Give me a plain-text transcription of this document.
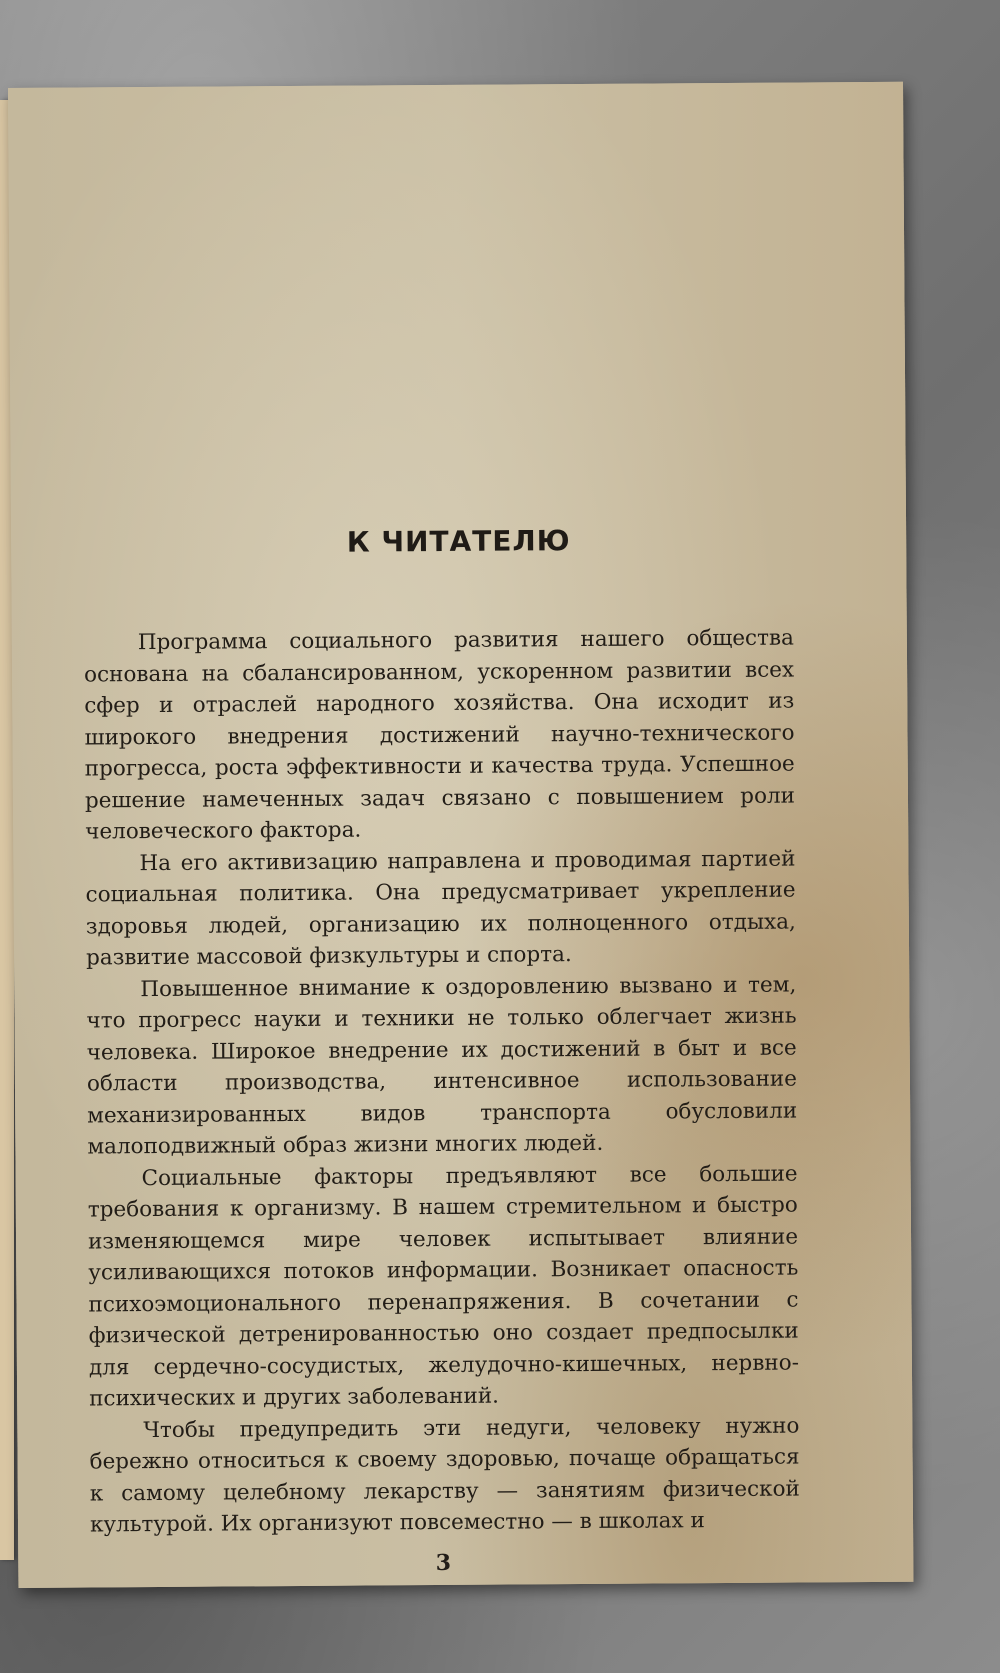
К ЧИТАТЕЛЮ

Программа социального развития нашего общества основана на сбалансированном, ускоренном развитии всех сфер и отраслей народного хозяйства. Она исходит из широкого внедрения достижений научно-технического прогресса, роста эффективности и качества труда. Успешное решение намеченных задач связано с повышением роли человеческого фактора.

На его активизацию направлена и проводимая партией социальная политика. Она предусматривает укрепление здоровья людей, организацию их полноценного отдыха, развитие массовой физкультуры и спорта.

Повышенное внимание к оздоровлению вызвано и тем, что прогресс науки и техники не только облегчает жизнь человека. Широкое внедрение их достижений в быт и все области производства, интенсивное использование механизированных видов транспорта обусловили малоподвижный образ жизни многих людей.

Социальные факторы предъявляют все большие требования к организму. В нашем стремительном и быстро изменяющемся мире человек испытывает влияние усиливающихся потоков информации. Возникает опасность психоэмоционального перенапряжения. В сочетании с физической детренированностью оно создает предпосылки для сердечно-сосудистых, желудочно-кишечных, нервно-психических и других заболеваний.

Чтобы предупредить эти недуги, человеку нужно бережно относиться к своему здоровью, почаще обращаться к самому целебному лекарству — занятиям физической культурой. Их организуют повсеместно — в школах и

3
